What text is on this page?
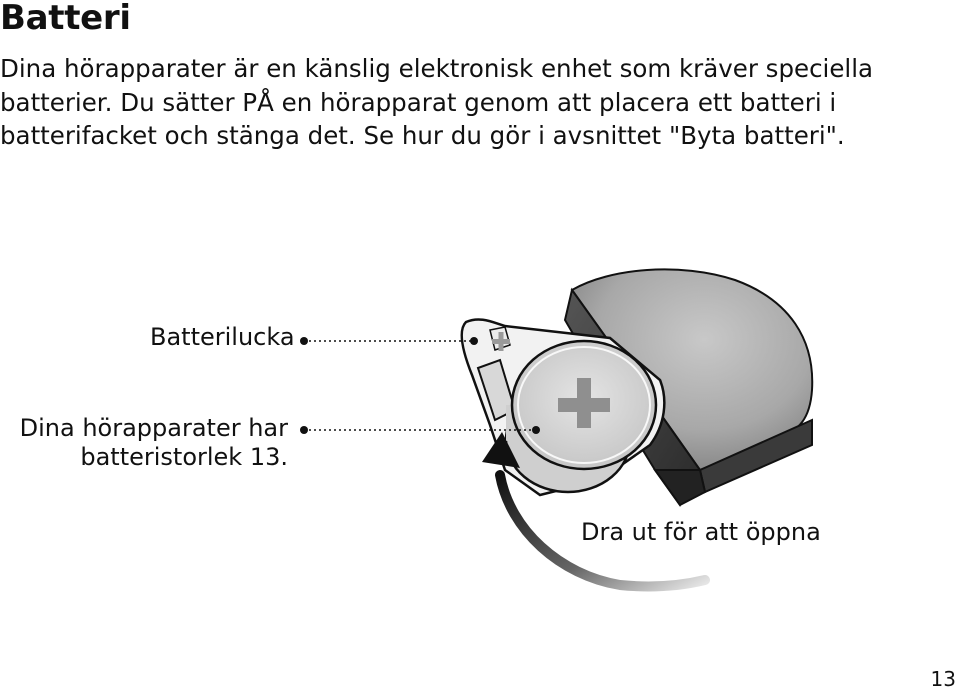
Batteri
Dina hörapparater är en känslig elektronisk enhet som kräver speciella
batterier. Du sätter PÅ en hörapparat genom att placera ett batteri i
batterifacket och stänga det. Se hur du gör i avsnittet "Byta batteri".
Batterilucka
Dina hörapparater har
batteristorlek 13.
Dra ut för att öppna
13
